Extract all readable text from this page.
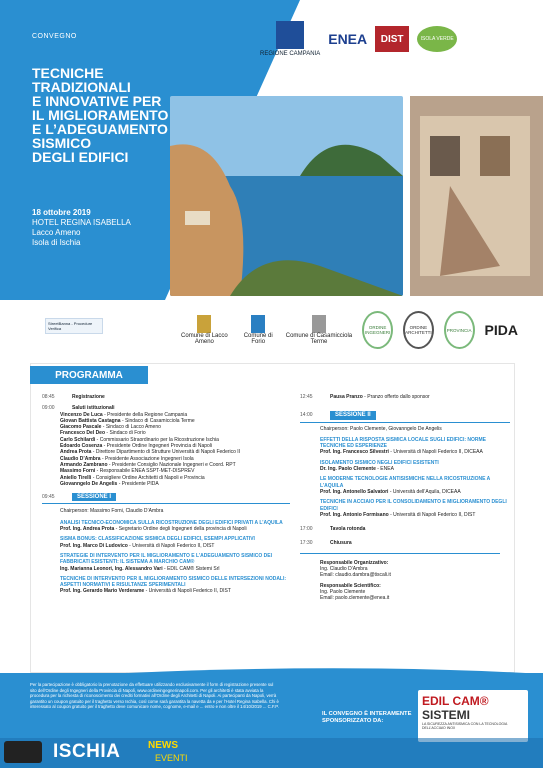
CONVEGNO
TECNICHE
TRADIZIONALI
E INNOVATIVE PER
IL MIGLIORAMENTO
E L’ADEGUAMENTO
SISMICO
DEGLI EDIFICI
18 ottobre 2019
HOTEL REGINA ISABELLA
Lacco Ameno
Isola di Ischia
REGIONE CAMPANIA
ENEA	DIST	ISOLA VERDE
StreetBanna - Procedure Verifica
Comune di Lacco Ameno
Comune di Forio
Comune di Casamicciola Terme
ORDINE INGEGNERI
ORDINE ARCHITETTI	PROVINCIA PIDA
PROGRAMMA
08:45	Registrazione
09:00	Saluti istituzionali
Vincenzo De Luca - Presidente della Regione Campania
Giovan Battista Castagna - Sindaco di Casamicciola Terme
Giacomo Pascale - Sindaco di Lacco Ameno
Francesco Del Deo - Sindaco di Forio
Carlo Schilardi - Commissario Straordinario per la Ricostruzione Ischia
Edoardo Cosenza - Presidente Ordine Ingegneri Provincia di Napoli
Andrea Prota - Direttore Dipartimento di Strutture Università di Napoli Federico II
Claudio D’Ambra - Presidente Associazione Ingegneri Isola
Armando Zambrano - Presidente Consiglio Nazionale Ingegneri e Coord. RPT
Massimo Forni - Responsabile ENEA SSPT-MET-DISPREV
Aniello Tirelli - Consigliere Ordine Architetti di Napoli e Provincia
Giovanngelo De Angelis - Presidente PIDA
09:45	SESSIONE I
Chairperson: Massimo Forni, Claudio D’Ambra
ANALISI TECNICO-ECONOMICA SULLA RICOSTRUZIONE DEGLI EDIFICI PRIVATI A L’AQUILA
Prof. Ing. Andrea Prota - Segretario Ordine degli Ingegneri della provincia di Napoli
SISMA BONUS: CLASSIFICAZIONE SISMICA DEGLI EDIFICI, ESEMPI APPLICATIVI
Prof. Ing. Marco Di Ludovico - Università di Napoli Federico II, DIST
STRATEGIE DI INTERVENTO PER IL MIGLIORAMENTO E L’ADEGUAMENTO SISMICO DEI FABBRICATI ESISTENTI: IL SISTEMA A MARCHIO CAM®
Ing. Marianna Leonori, Ing. Alessandro Vari - EDIL CAM® Sistemi Srl
TECNICHE DI INTERVENTO PER IL MIGLIORAMENTO SISMICO DELLE INTERSEZIONI NODALI: ASPETTI NORMATIVI E RISULTANZE SPERIMENTALI
Prof. Ing. Gerardo Mario Verderame - Università di Napoli Federico II, DIST
12:45	Pausa Pranzo - Pranzo offerto dallo sponsor
14:00	SESSIONE II
Chairperson: Paolo Clemente, Giovanngelo De Angelis
EFFETTI DELLA RISPOSTA SISMICA LOCALE SUGLI EDIFICI: NORME TECNICHE ED ESPERIENZE
Prof. Ing. Francesco Silvestri - Università di Napoli Federico II, DICEAA
ISOLAMENTO SISMICO NEGLI EDIFICI ESISTENTI
Dr. Ing. Paolo Clemente - ENEA
LE MODERNE TECNOLOGIE ANTISISMICHE NELLA RICOSTRUZIONE A L’AQUILA
Prof. Ing. Antonello Salvatori - Università dell’Aquila, DICEAA
TECNICHE IN ACCIAIO PER IL CONSOLIDAMENTO E MIGLIORAMENTO DEGLI EDIFICI
Prof. Ing. Antonio Formisano - Università di Napoli Federico II, DIST
17:00	Tavola rotonda
17:30	Chiusura
Responsabile Organizzativo:
Ing. Claudio D’Ambra
Email: claudio.dambra@tiscali.it
Responsabile Scientifico:
Ing. Paolo Clemente
Email: paolo.clemente@enea.it
Per la partecipazione è obbligatorio la prenotazione da effettuare utilizzando esclusivamente il form di registrazione presente sul sito dell’Ordine degli Ingegneri della Provincia di Napoli, www.ordineingegnerinapoli.com. Per gli architetti è stata avviata la procedura per la richiesta di riconoscimento dei crediti formativi all’Ordine degli Architetti di Napoli. Ai partecipanti da Napoli, verrà garantito un coupon gratuito per il traghetto verso Ischia, così come sarà garantita la navetta da e per l’Hotel Regina Isabella. Chi è interessato al coupon gratuito per il traghetto deve comunicare nome, cognome, e-mail e ... entro e non oltre il 14/10/2019 ... C.F.P.
IL CONVEGNO È INTERAMENTE SPONSORIZZATO DA:
EDIL CAM®
SISTEMI
LA SICUREZZA ANTISISMICA CON LA TECNOLOGIA DELL’ACCIAIO INOX
ISCHIA	NEWS
EVENTI
